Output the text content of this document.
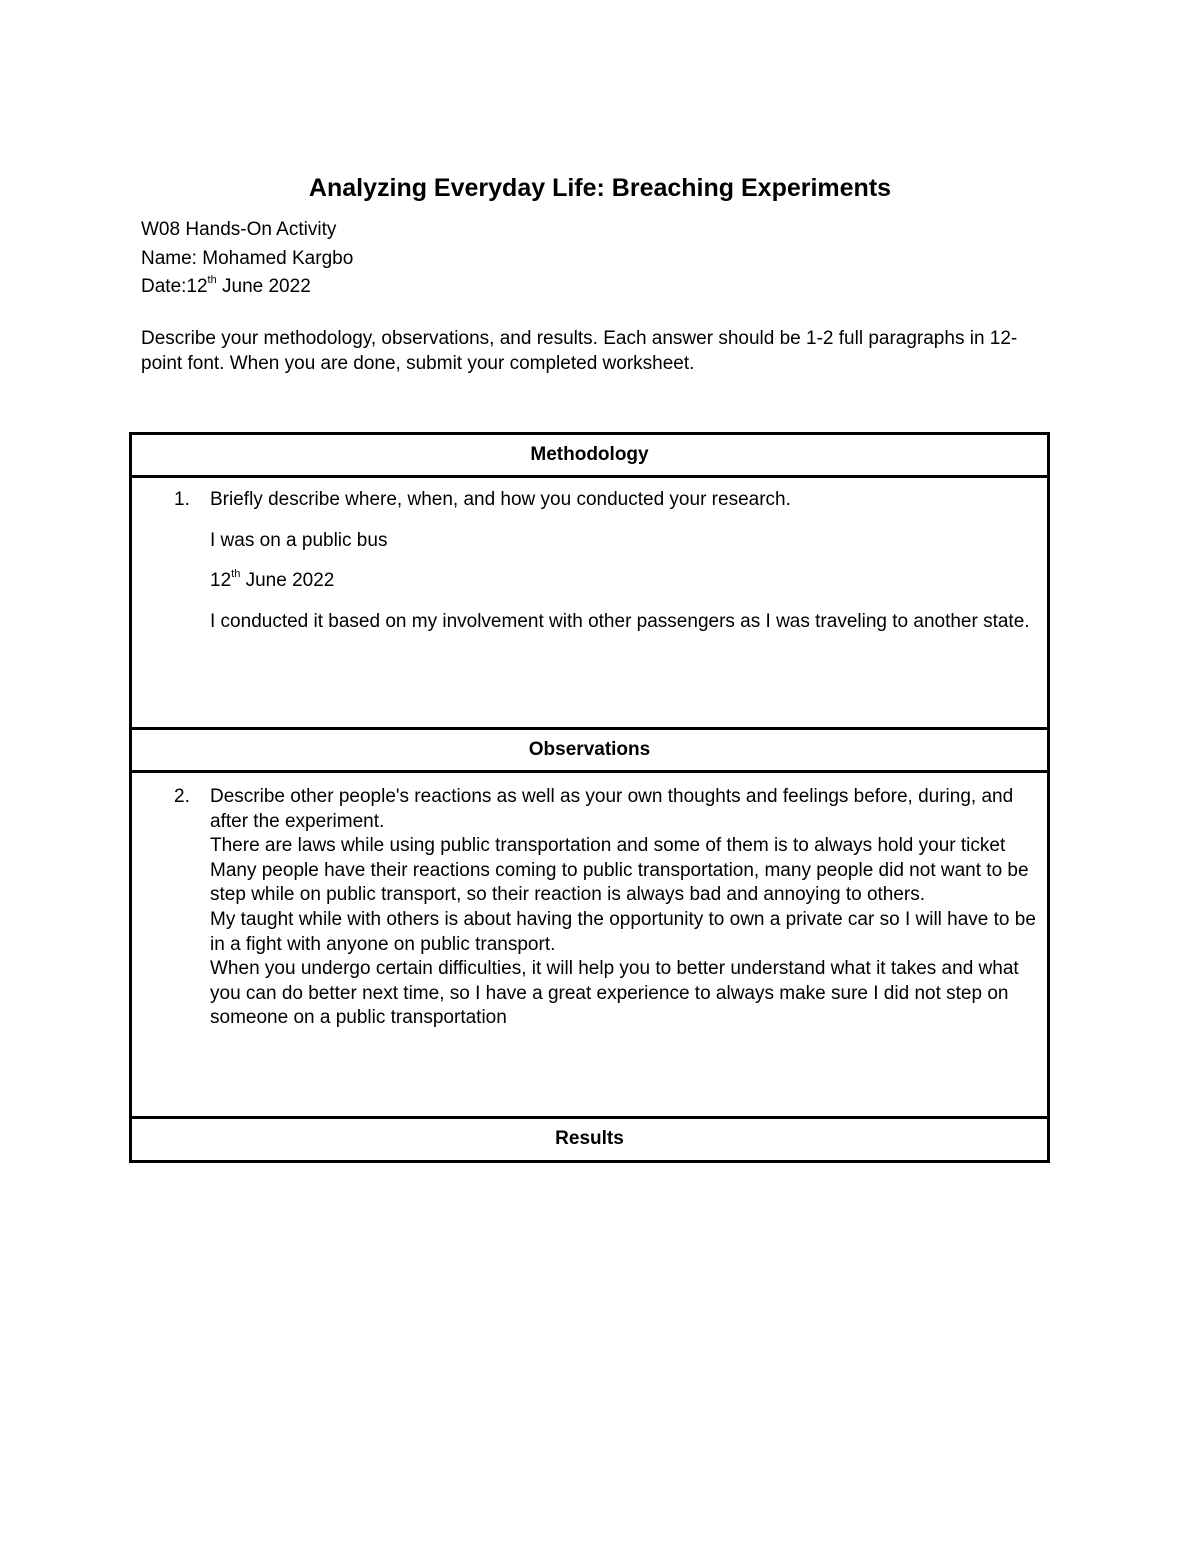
Analyzing Everyday Life: Breaching Experiments
W08 Hands-On Activity
Name: Mohamed Kargbo
Date:12th June 2022
Describe your methodology, observations, and results. Each answer should be 1-2 full paragraphs in 12-point font. When you are done, submit your completed worksheet.
Methodology
1. Briefly describe where, when, and how you conducted your research.
I was on a public bus
12th June 2022
I conducted it based on my involvement with other passengers as I was traveling to another state.
Observations
2. Describe other people's reactions as well as your own thoughts and feelings before, during, and after the experiment.
There are laws while using public transportation and some of them is to always hold your ticket
Many people have their reactions coming to public transportation, many people did not want to be step while on public transport, so their reaction is always bad and annoying to others.
My taught while with others is about having the opportunity to own a private car so I will have to be in a fight with anyone on public transport.
When you undergo certain difficulties, it will help you to better understand what it takes and what you can do better next time, so I have a great experience to always make sure I did not step on someone on a public transportation
Results
